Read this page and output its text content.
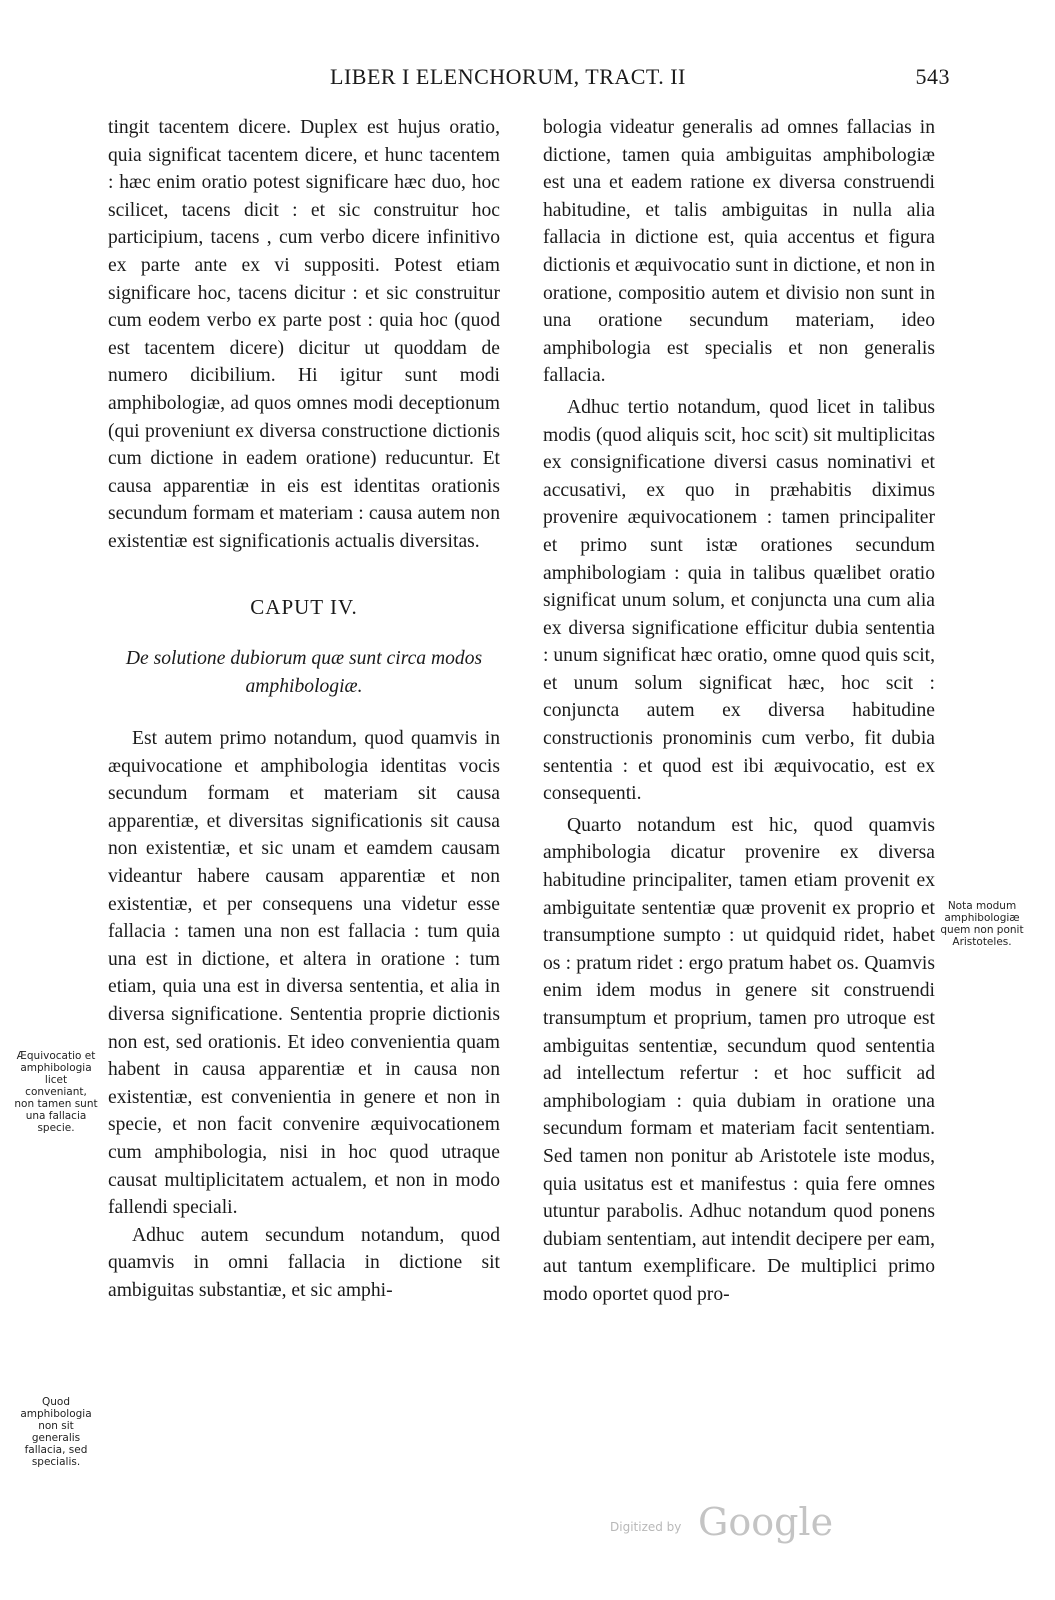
LIBER I ELENCHORUM, TRACT. II	543

tingit tacentem dicere. Duplex est hujus oratio, quia significat tacentem dicere, et hunc tacentem : hæc enim oratio potest significare hæc duo, hoc scilicet, tacens dicit : et sic construitur hoc participium, tacens , cum verbo dicere infinitivo ex parte ante ex vi suppositi. Potest etiam significare hoc, tacens dicitur : et sic construitur cum eodem verbo ex parte post : quia hoc (quod est tacentem dicere) dicitur ut quoddam de numero dicibilium. Hi igitur sunt modi amphibologiæ, ad quos omnes modi deceptionum (qui proveniunt ex diversa constructione dictionis cum dictione in eadem oratione) reducuntur. Et causa apparentiæ in eis est identitas orationis secundum formam et materiam : causa autem non existentiæ est significationis actualis diversitas.

CAPUT IV.
De solutione dubiorum quæ sunt circa modos amphibologiæ.

Est autem primo notandum, quod quamvis in æquivocatione et amphibologia identitas vocis secundum formam et materiam sit causa apparentiæ, et diversitas significationis sit causa non existentiæ, et sic unam et eamdem causam videantur habere causam apparentiæ et non existentiæ, et per consequens una videtur esse fallacia : tamen una non est fallacia : tum quia una est in dictione, et altera in oratione : tum etiam, quia una est in diversa sententia, et alia in diversa significatione. Sententia proprie dictionis non est, sed orationis. Et ideo convenientia quam habent in causa apparentiæ et in causa non existentiæ, est convenientia in genere et non in specie, et non facit convenire æquivocationem cum amphibologia, nisi in hoc quod utraque causat multiplicitatem actualem, et non in modo fallendi speciali.

Adhuc autem secundum notandum, quod quamvis in omni fallacia in dictione sit ambiguitas substantiæ, et sic amphi-

bologia videatur generalis ad omnes fallacias in dictione, tamen quia ambiguitas amphibologiæ est una et eadem ratione ex diversa construendi habitudine, et talis ambiguitas in nulla alia fallacia in dictione est, quia accentus et figura dictionis et æquivocatio sunt in dictione, et non in oratione, compositio autem et divisio non sunt in una oratione secundum materiam, ideo amphibologia est specialis et non generalis fallacia.

Adhuc tertio notandum, quod licet in talibus modis (quod aliquis scit, hoc scit) sit multiplicitas ex consignificatione diversi casus nominativi et accusativi, ex quo in præhabitis diximus provenire æquivocationem : tamen principaliter et primo sunt istæ orationes secundum amphibologiam : quia in talibus quælibet oratio significat unum solum, et conjuncta una cum alia ex diversa significatione efficitur dubia sententia : unum significat hæc oratio, omne quod quis scit, et unum solum significat hæc, hoc scit : conjuncta autem ex diversa habitudine constructionis pronominis cum verbo, fit dubia sententia : et quod est ibi æquivocatio, est ex consequenti.

Quarto notandum est hic, quod quamvis amphibologia dicatur provenire ex diversa habitudine principaliter, tamen etiam provenit ex ambiguitate sententiæ quæ provenit ex proprio et transumptione sumpto : ut quidquid ridet, habet os : pratum ridet : ergo pratum habet os. Quamvis enim idem modus in genere sit construendi transumptum et proprium, tamen pro utroque est ambiguitas sententiæ, secundum quod sententia ad intellectum refertur : et hoc sufficit ad amphibologiam : quia dubiam in oratione una secundum formam et materiam facit sententiam. Sed tamen non ponitur ab Aristotele iste modus, quia usitatus est et manifestus : quia fere omnes utuntur parabolis. Adhuc notandum quod ponens dubiam sententiam, aut intendit decipere per eam, aut tantum exemplificare. De multiplici primo modo oportet quod pro-

Æquivocatio et amphibologia licet conveniant, non tamen sunt una fallacia specie.
Quod amphibologia non sit generalis fallacia, sed specialis.
Nota modum amphibologiæ quem non ponit Aristoteles.
Digitized by Google
